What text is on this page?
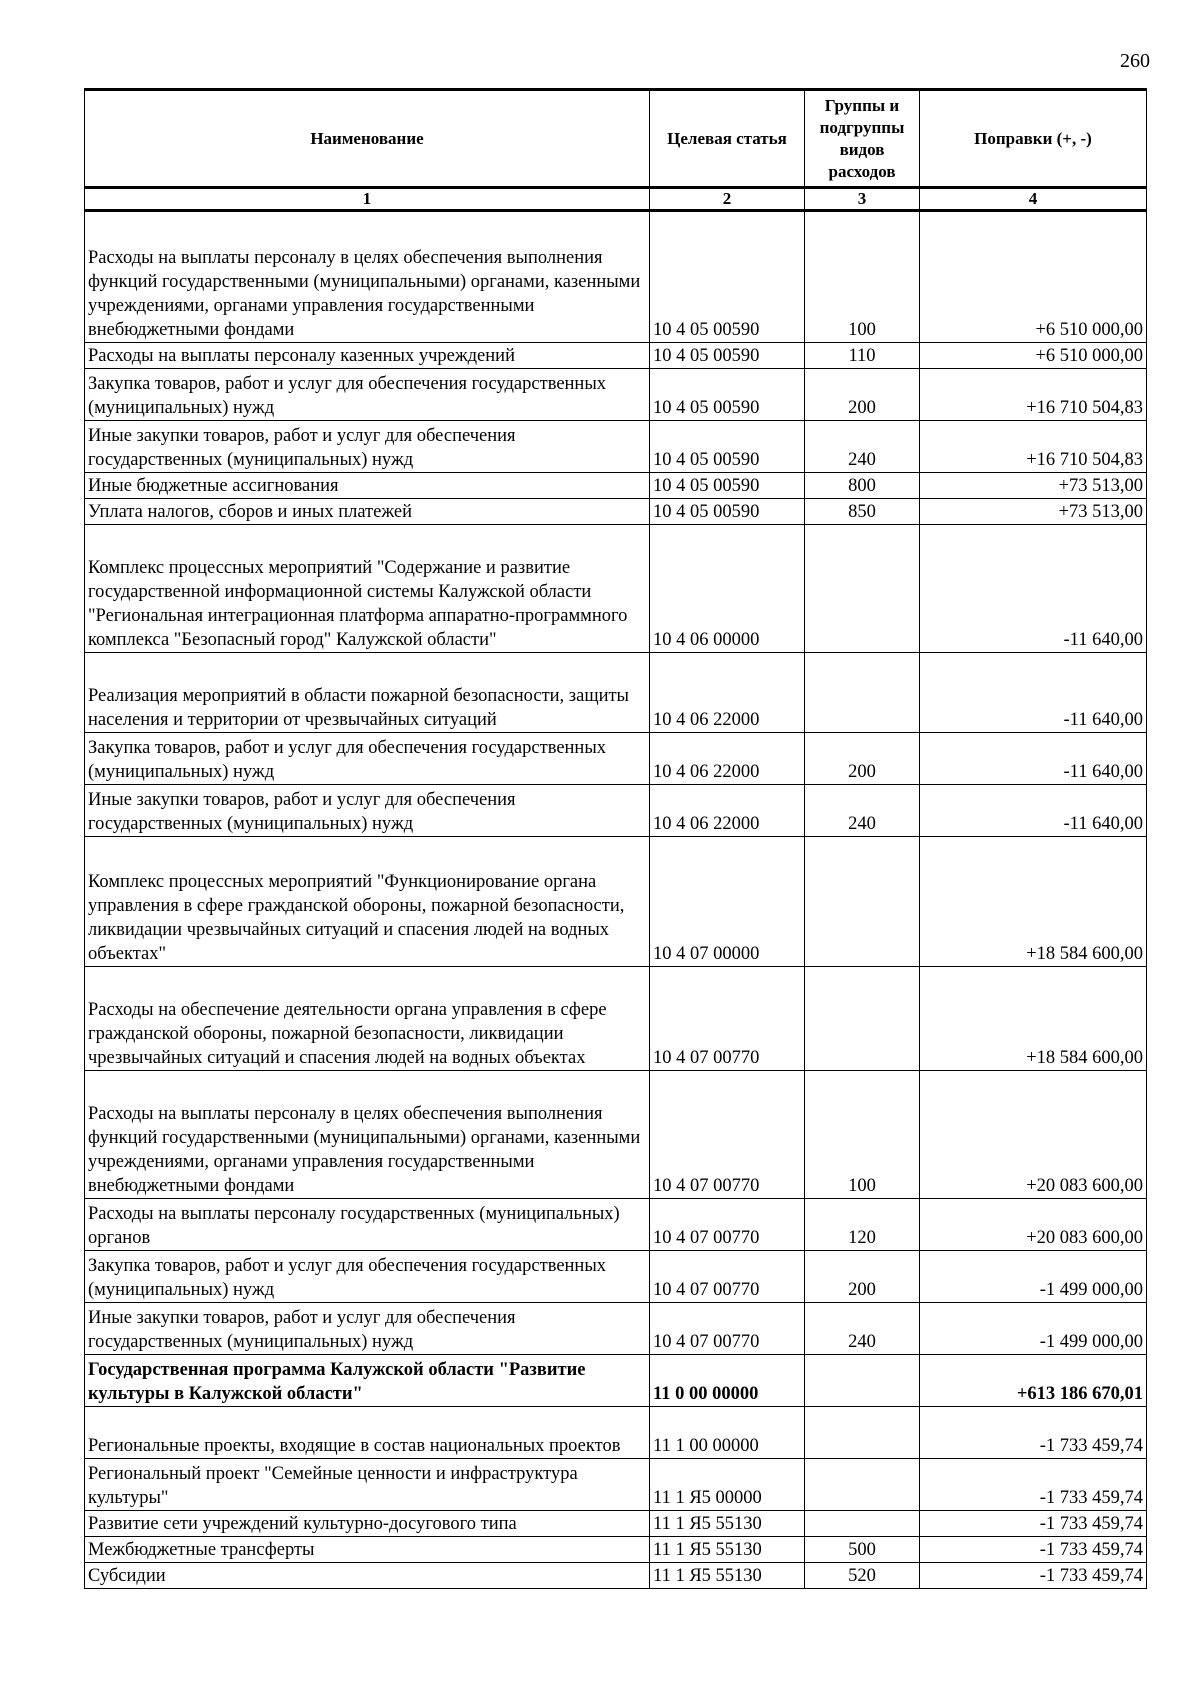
260
Наименование	Целевая статья	Группы и подгруппы видов расходов	Поправки (+, -)
1	2	3	4
Расходы на выплаты персоналу в целях обеспечения выполнения функций государственными (муниципальными) органами, казенными учреждениями, органами управления государственными внебюджетными фондами	10 4 05 00590	100	+6 510 000,00
Расходы на выплаты персоналу казенных учреждений	10 4 05 00590	110	+6 510 000,00
Закупка товаров, работ и услуг для обеспечения государственных (муниципальных) нужд	10 4 05 00590	200	+16 710 504,83
Иные закупки товаров, работ и услуг для обеспечения государственных (муниципальных) нужд	10 4 05 00590	240	+16 710 504,83
Иные бюджетные ассигнования	10 4 05 00590	800	+73 513,00
Уплата налогов, сборов и иных платежей	10 4 05 00590	850	+73 513,00
Комплекс процессных мероприятий "Содержание и развитие государственной информационной системы Калужской области "Региональная интеграционная платформа аппаратно-программного комплекса "Безопасный город" Калужской области"	10 4 06 00000		-11 640,00
Реализация мероприятий в области пожарной безопасности, защиты населения и территории от чрезвычайных ситуаций	10 4 06 22000		-11 640,00
Закупка товаров, работ и услуг для обеспечения государственных (муниципальных) нужд	10 4 06 22000	200	-11 640,00
Иные закупки товаров, работ и услуг для обеспечения государственных (муниципальных) нужд	10 4 06 22000	240	-11 640,00
Комплекс процессных мероприятий "Функционирование органа управления в сфере гражданской обороны, пожарной безопасности, ликвидации чрезвычайных ситуаций и спасения людей на водных объектах"	10 4 07 00000		+18 584 600,00
Расходы на обеспечение деятельности органа управления в сфере гражданской обороны, пожарной безопасности, ликвидации чрезвычайных ситуаций и спасения людей на водных объектах	10 4 07 00770		+18 584 600,00
Расходы на выплаты персоналу в целях обеспечения выполнения функций государственными (муниципальными) органами, казенными учреждениями, органами управления государственными внебюджетными фондами	10 4 07 00770	100	+20 083 600,00
Расходы на выплаты персоналу государственных (муниципальных) органов	10 4 07 00770	120	+20 083 600,00
Закупка товаров, работ и услуг для обеспечения государственных (муниципальных) нужд	10 4 07 00770	200	-1 499 000,00
Иные закупки товаров, работ и услуг для обеспечения государственных (муниципальных) нужд	10 4 07 00770	240	-1 499 000,00
Государственная программа Калужской области "Развитие культуры в Калужской области"	11 0 00 00000		+613 186 670,01
Региональные проекты, входящие в состав национальных проектов	11 1 00 00000		-1 733 459,74
Региональный проект "Семейные ценности и инфраструктура культуры"	11 1 Я5 00000		-1 733 459,74
Развитие сети учреждений культурно-досугового типа	11 1 Я5 55130		-1 733 459,74
Межбюджетные трансферты	11 1 Я5 55130	500	-1 733 459,74
Субсидии	11 1 Я5 55130	520	-1 733 459,74
